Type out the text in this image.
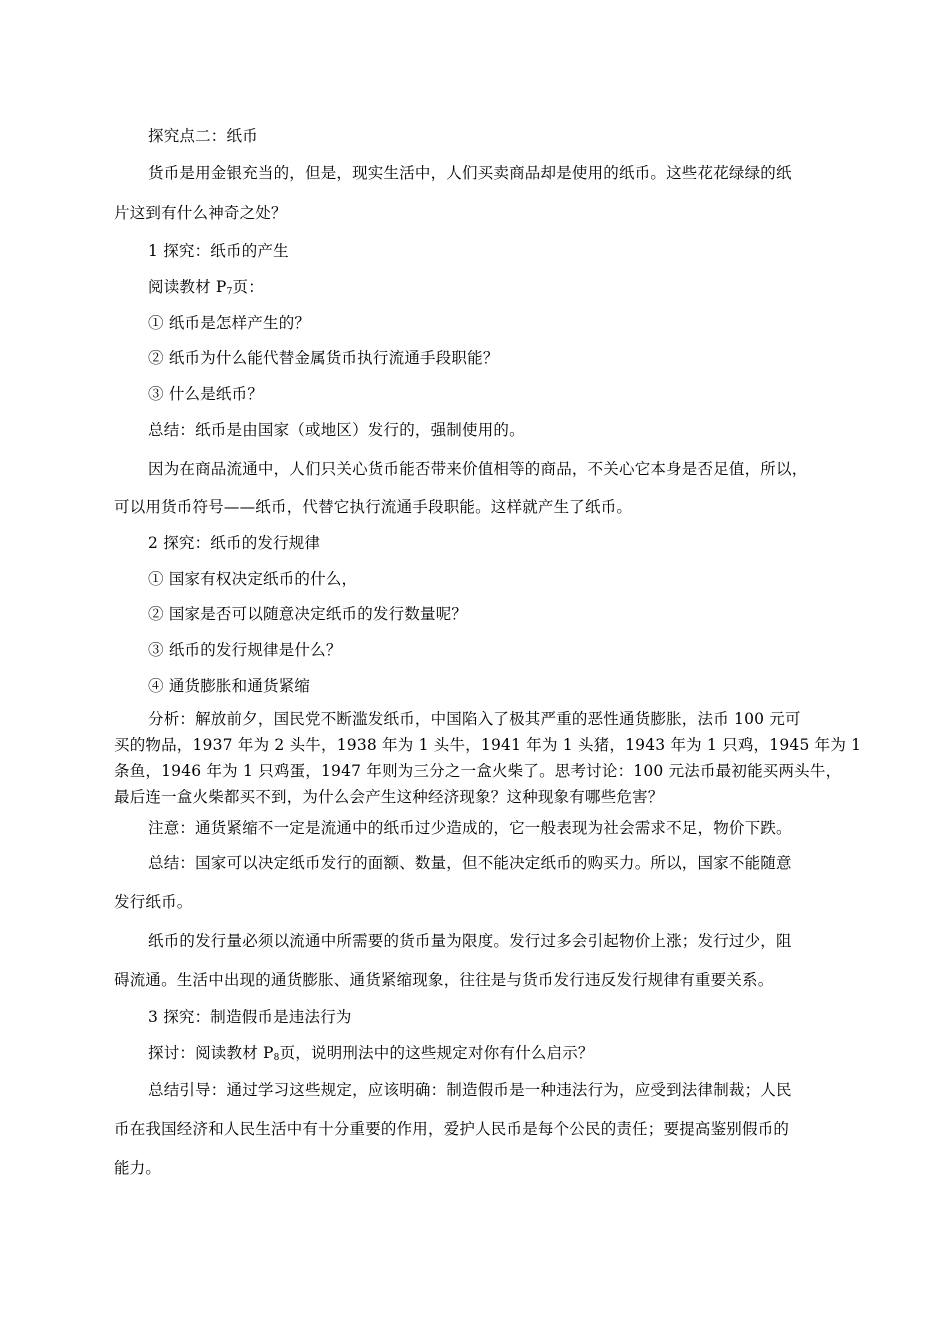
探究点二：纸币

货币是用金银充当的，但是，现实生活中，人们买卖商品却是使用的纸币。这些花花绿绿的纸

片这到有什么神奇之处？

1 探究：纸币的产生

阅读教材 $P_7$页：

① 纸币是怎样产生的？

② 纸币为什么能代替金属货币执行流通手段职能？

③ 什么是纸币？

总结：纸币是由国家（或地区）发行的，强制使用的。

因为在商品流通中，人们只关心货币能否带来价值相等的商品，不关心它本身是否足值，所以，

可以用货币符号——纸币，代替它执行流通手段职能。这样就产生了纸币。

2 探究：纸币的发行规律

① 国家有权决定纸币的什么，

② 国家是否可以随意决定纸币的发行数量呢？

③ 纸币的发行规律是什么？

④ 通货膨胀和通货紧缩

分析：解放前夕，国民党不断滥发纸币，中国陷入了极其严重的恶性通货膨胀，法币 100 元可

买的物品，1937 年为 2 头牛，1938 年为 1 头牛，1941 年为 1 头猪，1943 年为 1 只鸡，1945 年为 1

条鱼，1946 年为 1 只鸡蛋，1947 年则为三分之一盒火柴了。思考讨论：100 元法币最初能买两头牛，

最后连一盒火柴都买不到，为什么会产生这种经济现象？这种现象有哪些危害？

注意：通货紧缩不一定是流通中的纸币过少造成的，它一般表现为社会需求不足，物价下跌。

总结：国家可以决定纸币发行的面额、数量，但不能决定纸币的购买力。所以，国家不能随意

发行纸币。

纸币的发行量必须以流通中所需要的货币量为限度。发行过多会引起物价上涨；发行过少，阻

碍流通。生活中出现的通货膨胀、通货紧缩现象，往往是与货币发行违反发行规律有重要关系。

3 探究：制造假币是违法行为

探讨：阅读教材 $P_8$页，说明刑法中的这些规定对你有什么启示？

总结引导：通过学习这些规定，应该明确：制造假币是一种违法行为，应受到法律制裁；人民

币在我国经济和人民生活中有十分重要的作用，爱护人民币是每个公民的责任；要提高鉴别假币的

能力。
